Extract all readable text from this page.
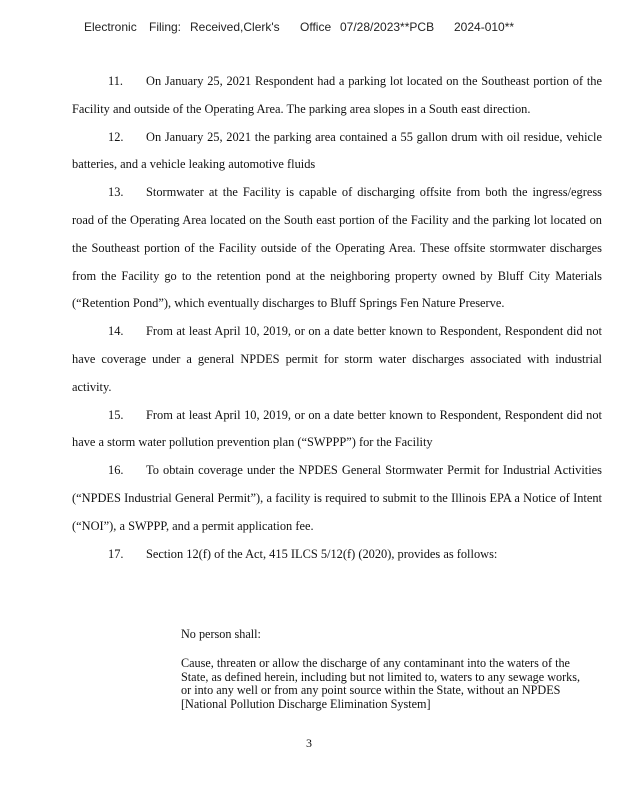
Electronic Filing: Received,Clerk's Office 07/28/2023**PCB 2024-010**

11. On January 25, 2021 Respondent had a parking lot located on the Southeast portion of the Facility and outside of the Operating Area. The parking area slopes in a South east direction.

12. On January 25, 2021 the parking area contained a 55 gallon drum with oil residue, vehicle batteries, and a vehicle leaking automotive fluids

13. Stormwater at the Facility is capable of discharging offsite from both the ingress/egress road of the Operating Area located on the South east portion of the Facility and the parking lot located on the Southeast portion of the Facility outside of the Operating Area. These offsite stormwater discharges from the Facility go to the retention pond at the neighboring property owned by Bluff City Materials (“Retention Pond”), which eventually discharges to Bluff Springs Fen Nature Preserve.

14. From at least April 10, 2019, or on a date better known to Respondent, Respondent did not have coverage under a general NPDES permit for storm water discharges associated with industrial activity.

15. From at least April 10, 2019, or on a date better known to Respondent, Respondent did not have a storm water pollution prevention plan (“SWPPP”) for the Facility

16. To obtain coverage under the NPDES General Stormwater Permit for Industrial Activities (“NPDES Industrial General Permit”), a facility is required to submit to the Illinois EPA a Notice of Intent (“NOI”), a SWPPP, and a permit application fee.

17. Section 12(f) of the Act, 415 ILCS 5/12(f) (2020), provides as follows:

No person shall:

Cause, threaten or allow the discharge of any contaminant into the waters of the State, as defined herein, including but not limited to, waters to any sewage works, or into any well or from any point source within the State, without an NPDES [National Pollution Discharge Elimination System]

3
